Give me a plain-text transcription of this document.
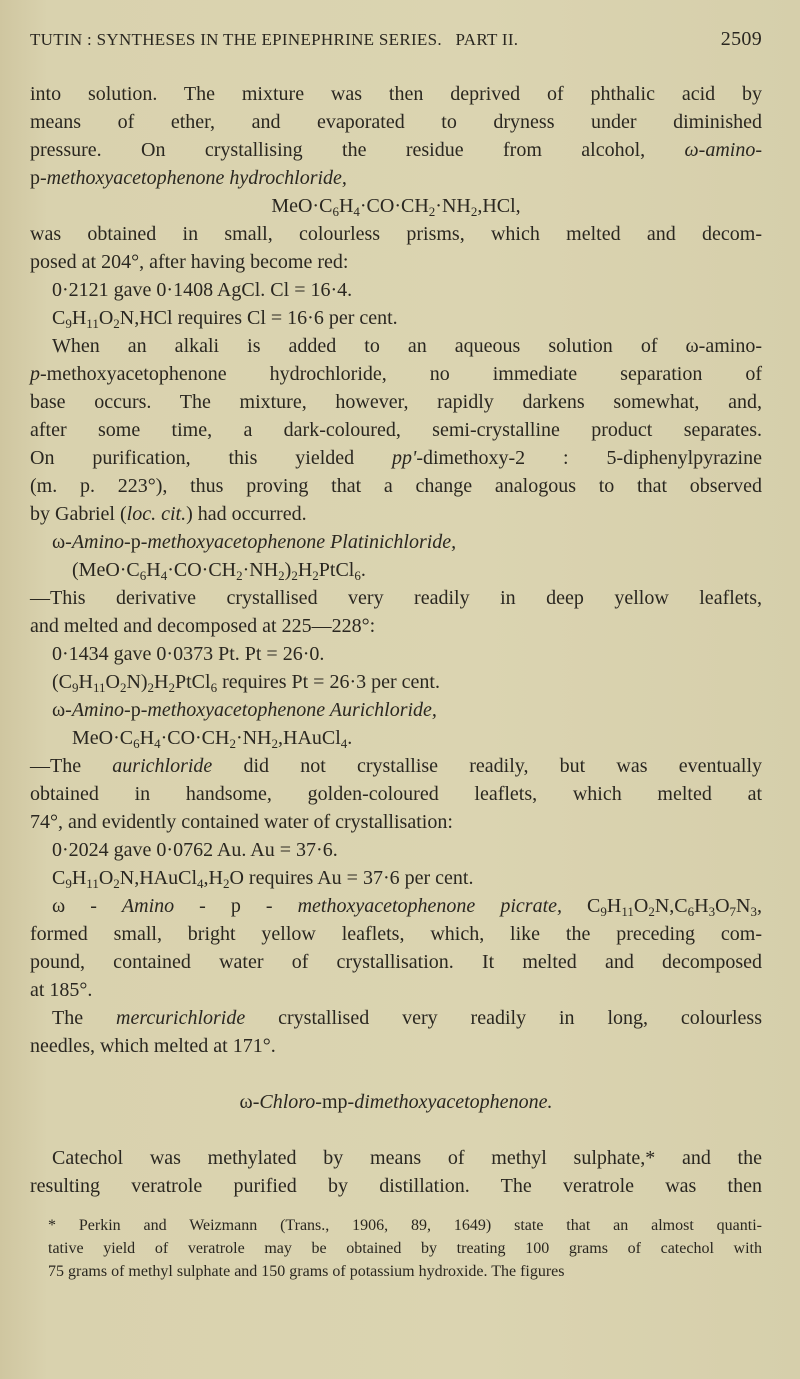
TUTIN : SYNTHESES IN THE EPINEPHRINE SERIES.   PART II.	2509
into solution. The mixture was then deprived of phthalic acid by
means of ether, and evaporated to dryness under diminished
pressure. On crystallising the residue from alcohol, ω-amino-
p-methoxyacetophenone hydrochloride,
$MeO\cdot C_6H_4\cdot CO\cdot CH_2\cdot NH_2,HCl$,
was obtained in small, colourless prisms, which melted and decom-
posed at 204°, after having become red:
0·2121 gave 0·1408 AgCl. Cl = 16·4.
$C_9H_{11}O_2N,HCl$ requires Cl = 16·6 per cent.
When an alkali is added to an aqueous solution of ω-amino-
p-methoxyacetophenone hydrochloride, no immediate separation of
base occurs. The mixture, however, rapidly darkens somewhat, and,
after some time, a dark-coloured, semi-crystalline product separates.
On purification, this yielded pp'-dimethoxy-2 : 5-diphenylpyrazine
(m. p. 223°), thus proving that a change analogous to that observed
by Gabriel (loc. cit.) had occurred.
ω-Amino-p-methoxyacetophenone Platinichloride,
$(MeO\cdot C_6H_4\cdot CO\cdot CH_2\cdot NH_2)_2H_2PtCl_6$.
—This derivative crystallised very readily in deep yellow leaflets,
and melted and decomposed at 225—228°:
0·1434 gave 0·0373 Pt. Pt = 26·0.
$(C_9H_{11}O_2N)_2H_2PtCl_6$ requires Pt = 26·3 per cent.
ω-Amino-p-methoxyacetophenone Aurichloride,
$MeO\cdot C_6H_4\cdot CO\cdot CH_2\cdot NH_2,HAuCl_4$.
—The aurichloride did not crystallise readily, but was eventually
obtained in handsome, golden-coloured leaflets, which melted at
74°, and evidently contained water of crystallisation:
0·2024 gave 0·0762 Au. Au = 37·6.
$C_9H_{11}O_2N,HAuCl_4,H_2O$ requires Au = 37·6 per cent.
ω - Amino - p - methoxyacetophenone picrate, $C_9H_{11}O_2N,C_6H_3O_7N_3$,
formed small, bright yellow leaflets, which, like the preceding com-
pound, contained water of crystallisation. It melted and decomposed
at 185°.
The mercurichloride crystallised very readily in long, colourless
needles, which melted at 171°.
ω-Chloro-mp-dimethoxyacetophenone.
Catechol was methylated by means of methyl sulphate,* and the
resulting veratrole purified by distillation. The veratrole was then
* Perkin and Weizmann (Trans., 1906, 89, 1649) state that an almost quanti-
tative yield of veratrole may be obtained by treating 100 grams of catechol with
75 grams of methyl sulphate and 150 grams of potassium hydroxide. The figures
